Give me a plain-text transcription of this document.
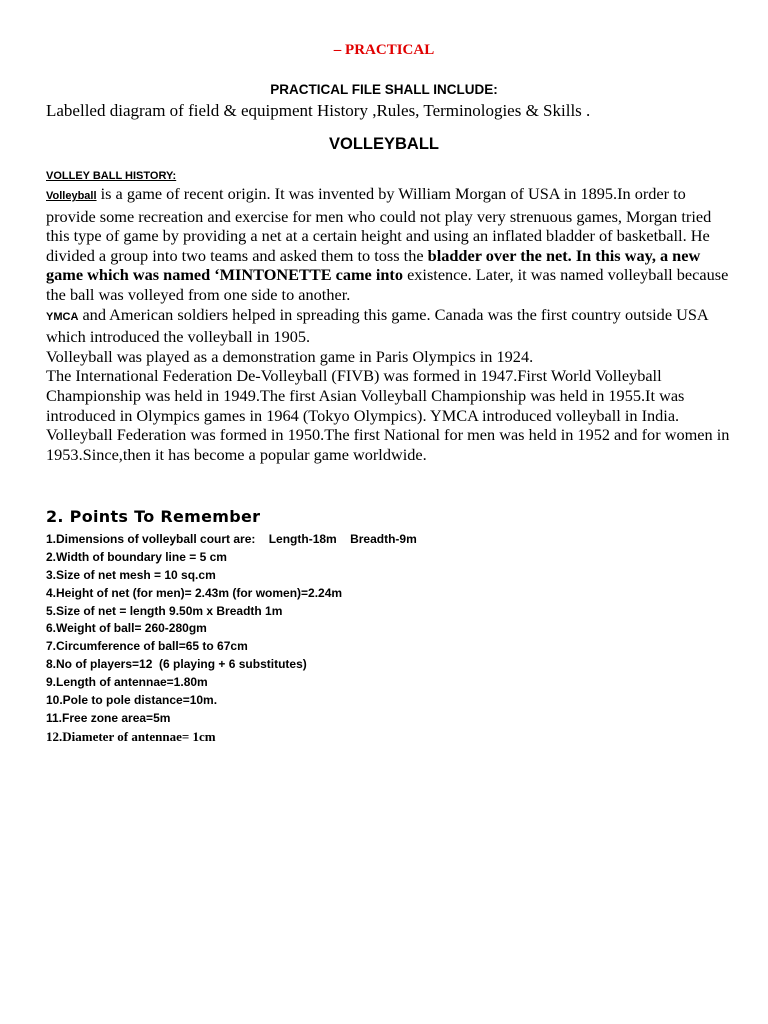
– PRACTICAL
PRACTICAL FILE SHALL INCLUDE:
Labelled diagram of field & equipment History ,Rules, Terminologies & Skills .
VOLLEYBALL
VOLLEY BALL HISTORY:

Volleyball is a game of recent origin. It was invented by William Morgan of USA in 1895.In order to provide some recreation and exercise for men who could not play very strenuous games, Morgan tried this type of game by providing a net at a certain height and using an inflated bladder of basketball. He divided a group into two teams and asked them to toss the bladder over the net. In this way, a new game which was named ‘MINTONETTE came into existence. Later, it was named volleyball because the ball was volleyed from one side to another.

YMCA and American soldiers helped in spreading this game. Canada was the first country outside USA which introduced the volleyball in 1905.

Volleyball was played as a demonstration game in Paris Olympics in 1924.

The International Federation De-Volleyball (FIVB) was formed in 1947.First World Volleyball Championship was held in 1949.The first Asian Volleyball Championship was held in 1955.It was introduced in Olympics games in 1964 (Tokyo Olympics). YMCA introduced volleyball in India.

Volleyball Federation was formed in 1950.The first National for men was held in 1952 and for women in 1953.Since,then it has become a popular game worldwide.

2. Points To Remember
1.Dimensions of volleyball court are:    Length-18m    Breadth-9m
2.Width of boundary line = 5 cm
3.Size of net mesh = 10 sq.cm
4.Height of net (for men)= 2.43m (for women)=2.24m
5.Size of net = length 9.50m x Breadth 1m
6.Weight of ball= 260-280gm
7.Circumference of ball=65 to 67cm
8.No of players=12  (6 playing + 6 substitutes)
9.Length of antennae=1.80m
10.Pole to pole distance=10m.
11.Free zone area=5m
12.Diameter of antennae= 1cm
